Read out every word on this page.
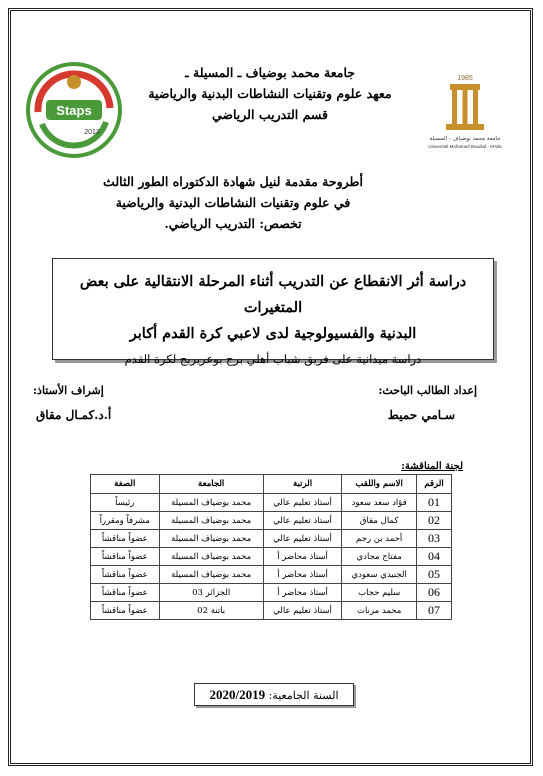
Staps
2013
1985
جامعة محمد بوضياف - المسيلة
Université Mohamed Boudiaf - M'sila
جامعة محمد بوضياف ـ المسيلة ـ
معهد علوم وتقنيات النشاطات البدنية والرياضية
قسم التدريب الرياضي
أطروحة مقدمة لنيل شهادة الدكتوراه الطور الثالث
في علوم وتقنيات النشاطات البدنية والرياضية
تخصص: التدريب الرياضي.
دراسة أثر الانقطاع عن التدريب أثناء المرحلة الانتقالية على بعض المتغيرات
البدنية والفسيولوجية لدى لاعبي كرة القدم أكابر
دراسة ميدانية على فريق شباب أهلي برج بوعريريج لكرة القدم
إعداد الطالب الباحث:
إشراف الأستاذ:
سـامي حميط
أ.د.كمـال مقاق
لجنة المناقشة:
الرقم	الاسم واللقب	الرتبة	الجامعة	الصفة
01	فؤاد سعد سعود	أستاذ تعليم عالي	محمد بوضياف المسيلة	رئيساً
02	كمال مقاق	أستاذ تعليم عالي	محمد بوضياف المسيلة	مشرفاً ومقرراً
03	أحمد بن رجم	أستاذ تعليم عالي	محمد بوضياف المسيلة	عضواً مناقشاً
04	مفتاح مجادي	أستاذ محاضر أ	محمد بوضياف المسيلة	عضواً مناقشاً
05	الجنيدي سعودي	أستاذ محاضر أ	محمد بوضياف المسيلة	عضواً مناقشاً
06	سليم حجاب	أستاذ محاضر أ	الجزائر 03	عضواً مناقشاً
07	محمد مرنات	أستاذ تعليم عالي	باتنة 02	عضواً مناقشاً
السنة الجامعية: 2020/2019
